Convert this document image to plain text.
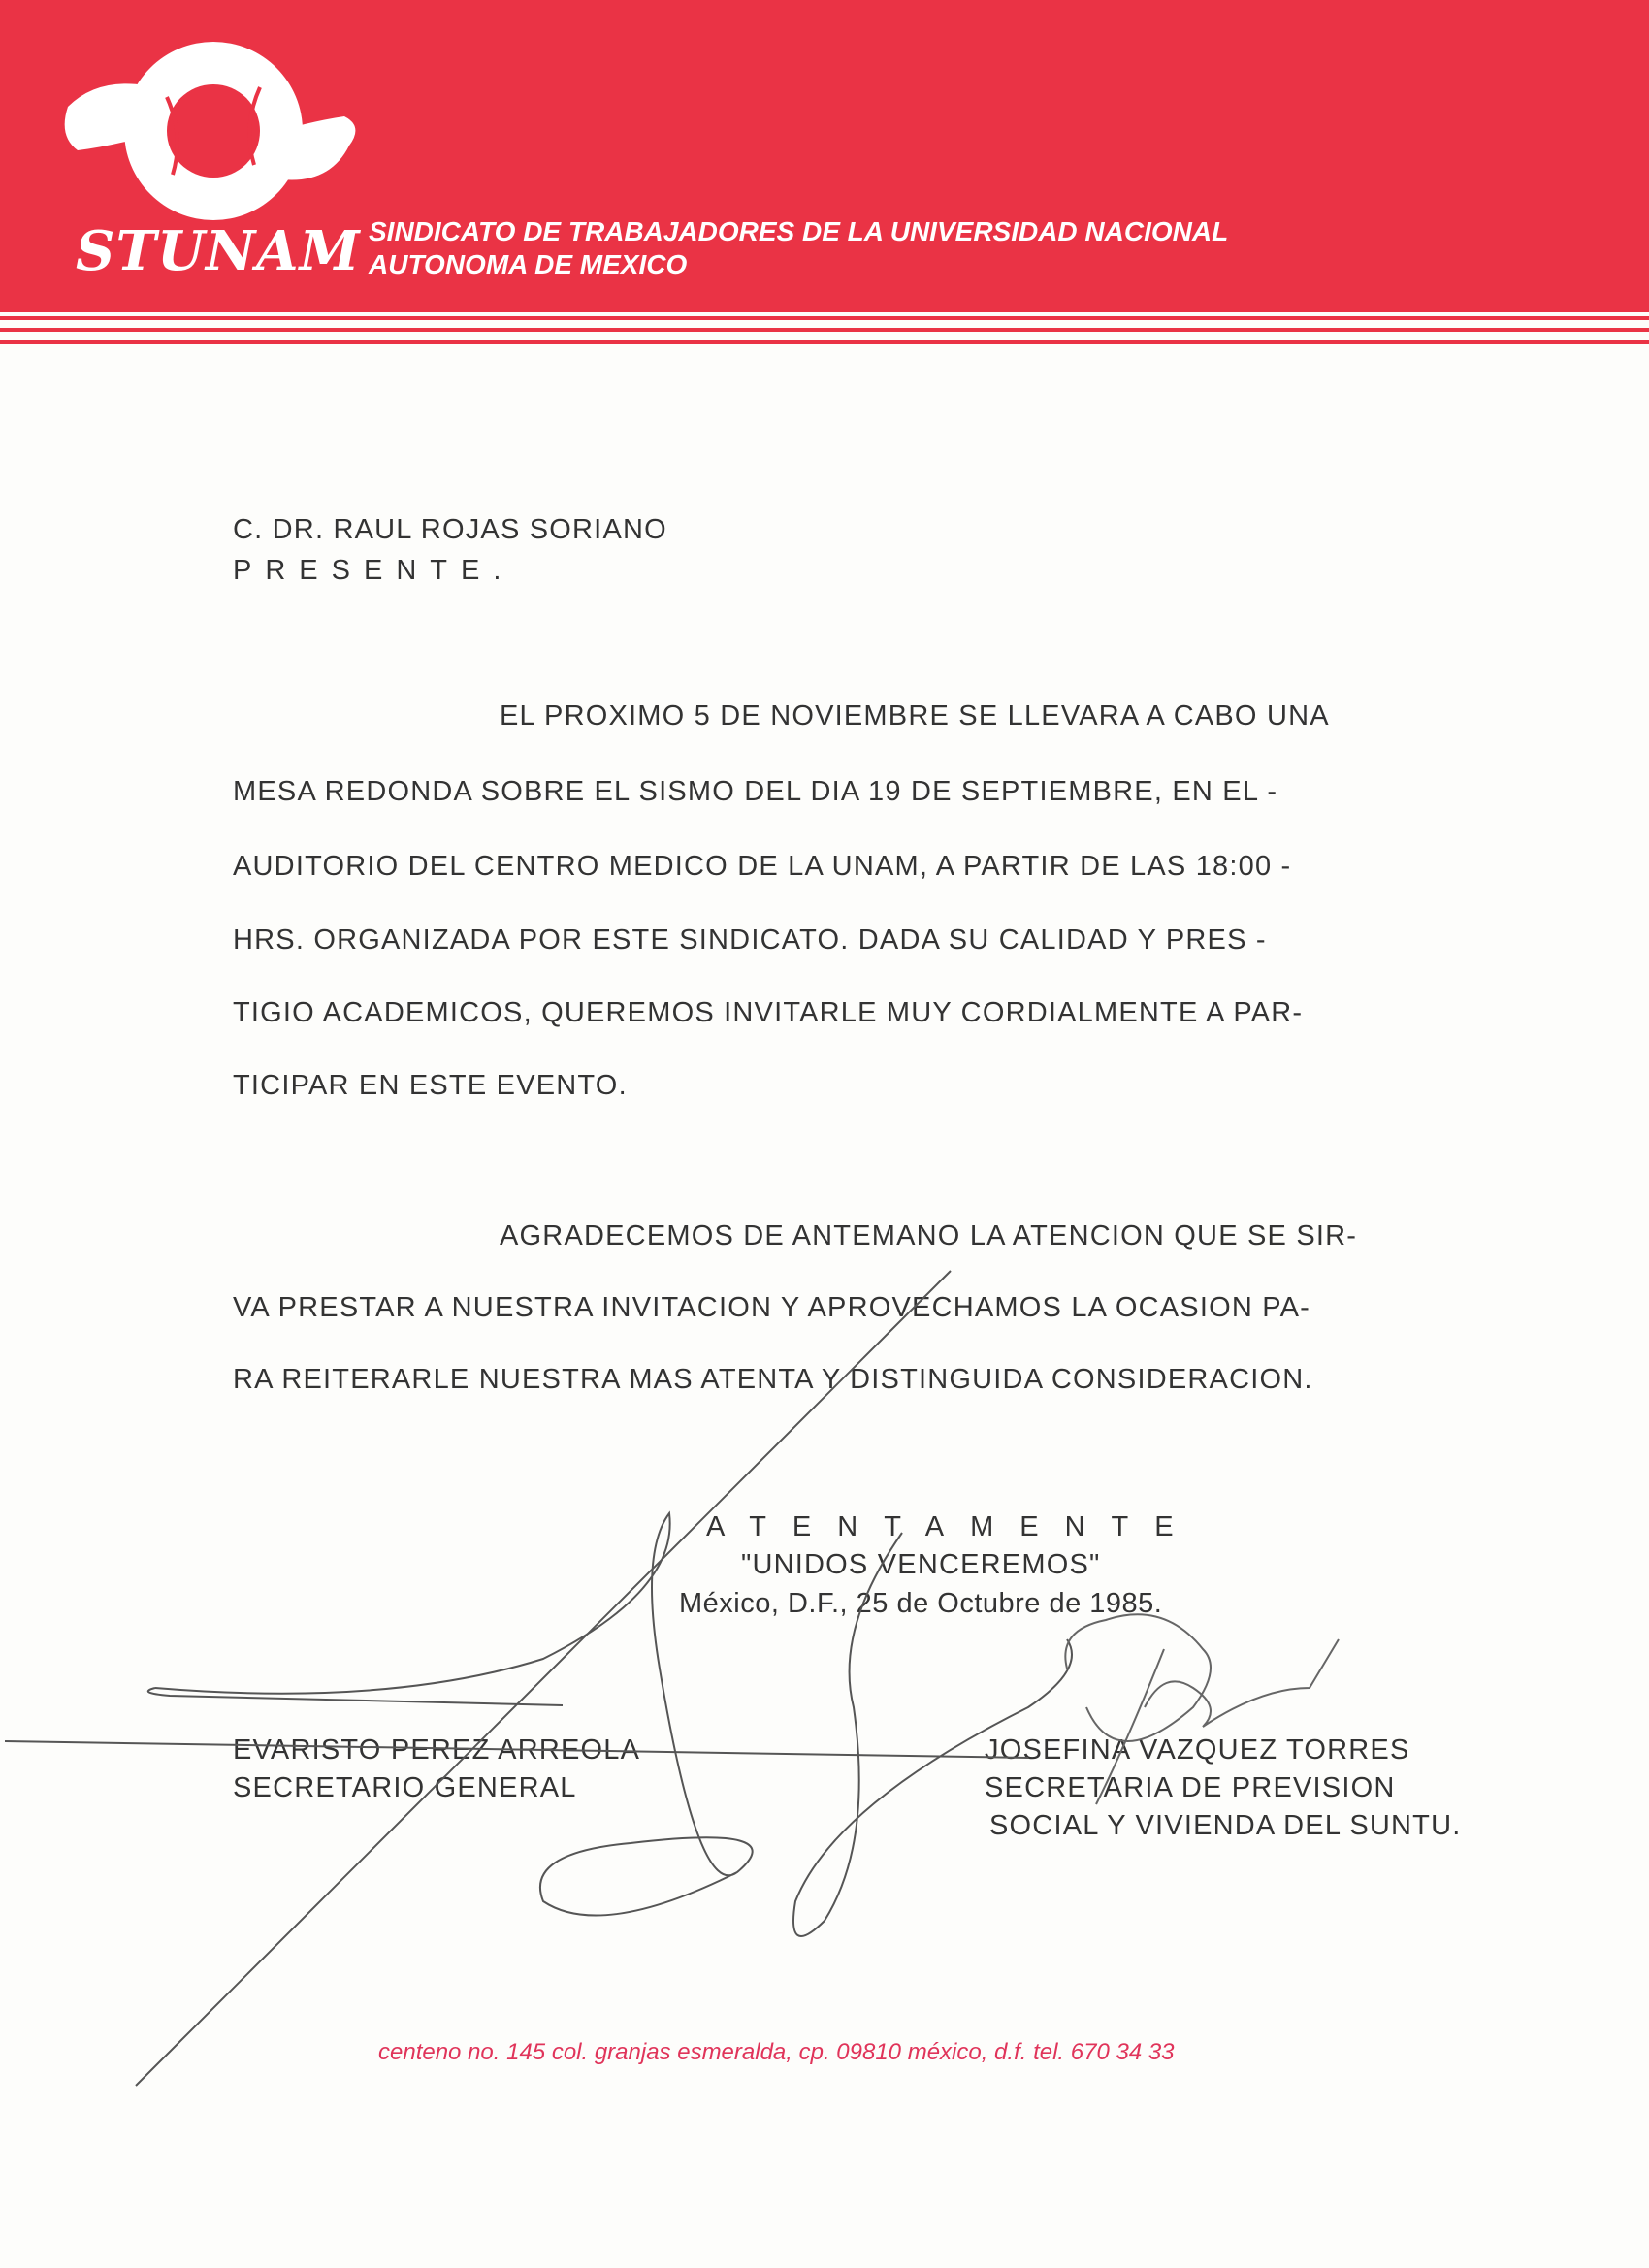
STUNAM SINDICATO DE TRABAJADORES DE LA UNIVERSIDAD NACIONAL
AUTONOMA DE MEXICO
C. DR. RAUL ROJAS SORIANO
PRESENTE.
EL PROXIMO 5 DE NOVIEMBRE SE LLEVARA A CABO UNA
MESA REDONDA SOBRE EL SISMO DEL DIA 19 DE SEPTIEMBRE, EN EL -
AUDITORIO DEL CENTRO MEDICO DE LA UNAM, A PARTIR DE LAS 18:00 -
HRS. ORGANIZADA POR ESTE SINDICATO. DADA SU CALIDAD Y PRES -
TIGIO ACADEMICOS, QUEREMOS INVITARLE MUY CORDIALMENTE A PAR-
TICIPAR EN ESTE EVENTO.
AGRADECEMOS DE ANTEMANO LA ATENCION QUE SE SIR-
VA PRESTAR A NUESTRA INVITACION Y APROVECHAMOS LA OCASION PA-
RA REITERARLE NUESTRA MAS ATENTA Y DISTINGUIDA CONSIDERACION.
ATENTAMENTE
"UNIDOS VENCEREMOS"
México, D.F., 25 de Octubre de 1985.
EVARISTO PEREZ ARREOLA
SECRETARIO GENERAL
JOSEFINA VAZQUEZ TORRES
SECRETARIA DE PREVISION
SOCIAL Y VIVIENDA DEL SUNTU.
centeno no. 145 col. granjas esmeralda, cp. 09810 méxico, d.f. tel. 670 34 33
